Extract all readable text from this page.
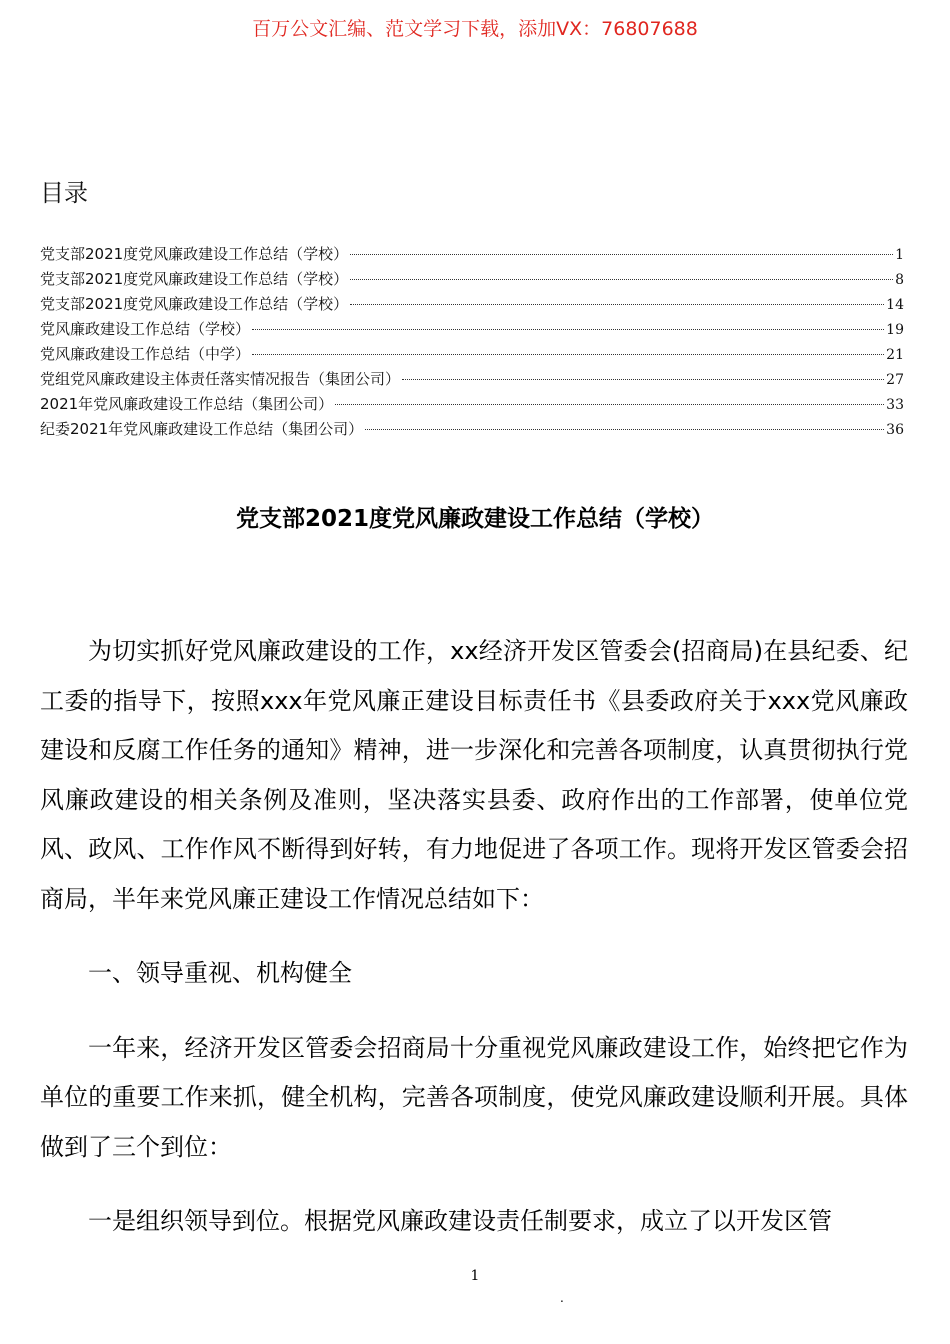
百万公文汇编、范文学习下载，添加VX：76807688
目录
党支部2021度党风廉政建设工作总结（学校）	1
党支部2021度党风廉政建设工作总结（学校）	8
党支部2021度党风廉政建设工作总结（学校）	14
党风廉政建设工作总结（学校）	19
党风廉政建设工作总结（中学）	21
党组党风廉政建设主体责任落实情况报告（集团公司）	27
2021年党风廉政建设工作总结（集团公司）	33
纪委2021年党风廉政建设工作总结（集团公司）	36
党支部2021度党风廉政建设工作总结（学校）

为切实抓好党风廉政建设的工作，xx经济开发区管委会(招商局)在县纪委、纪工委的指导下，按照xxx年党风廉正建设目标责任书《县委政府关于xxx党风廉政建设和反腐工作任务的通知》精神，进一步深化和完善各项制度，认真贯彻执行党风廉政建设的相关条例及准则，坚决落实县委、政府作出的工作部署，使单位党风、政风、工作作风不断得到好转，有力地促进了各项工作。现将开发区管委会招商局，半年来党风廉正建设工作情况总结如下：

一、领导重视、机构健全

一年来，经济开发区管委会招商局十分重视党风廉政建设工作，始终把它作为单位的重要工作来抓，健全机构，完善各项制度，使党风廉政建设顺利开展。具体做到了三个到位：

一是组织领导到位。根据党风廉政建设责任制要求，成立了以开发区管

1
.
